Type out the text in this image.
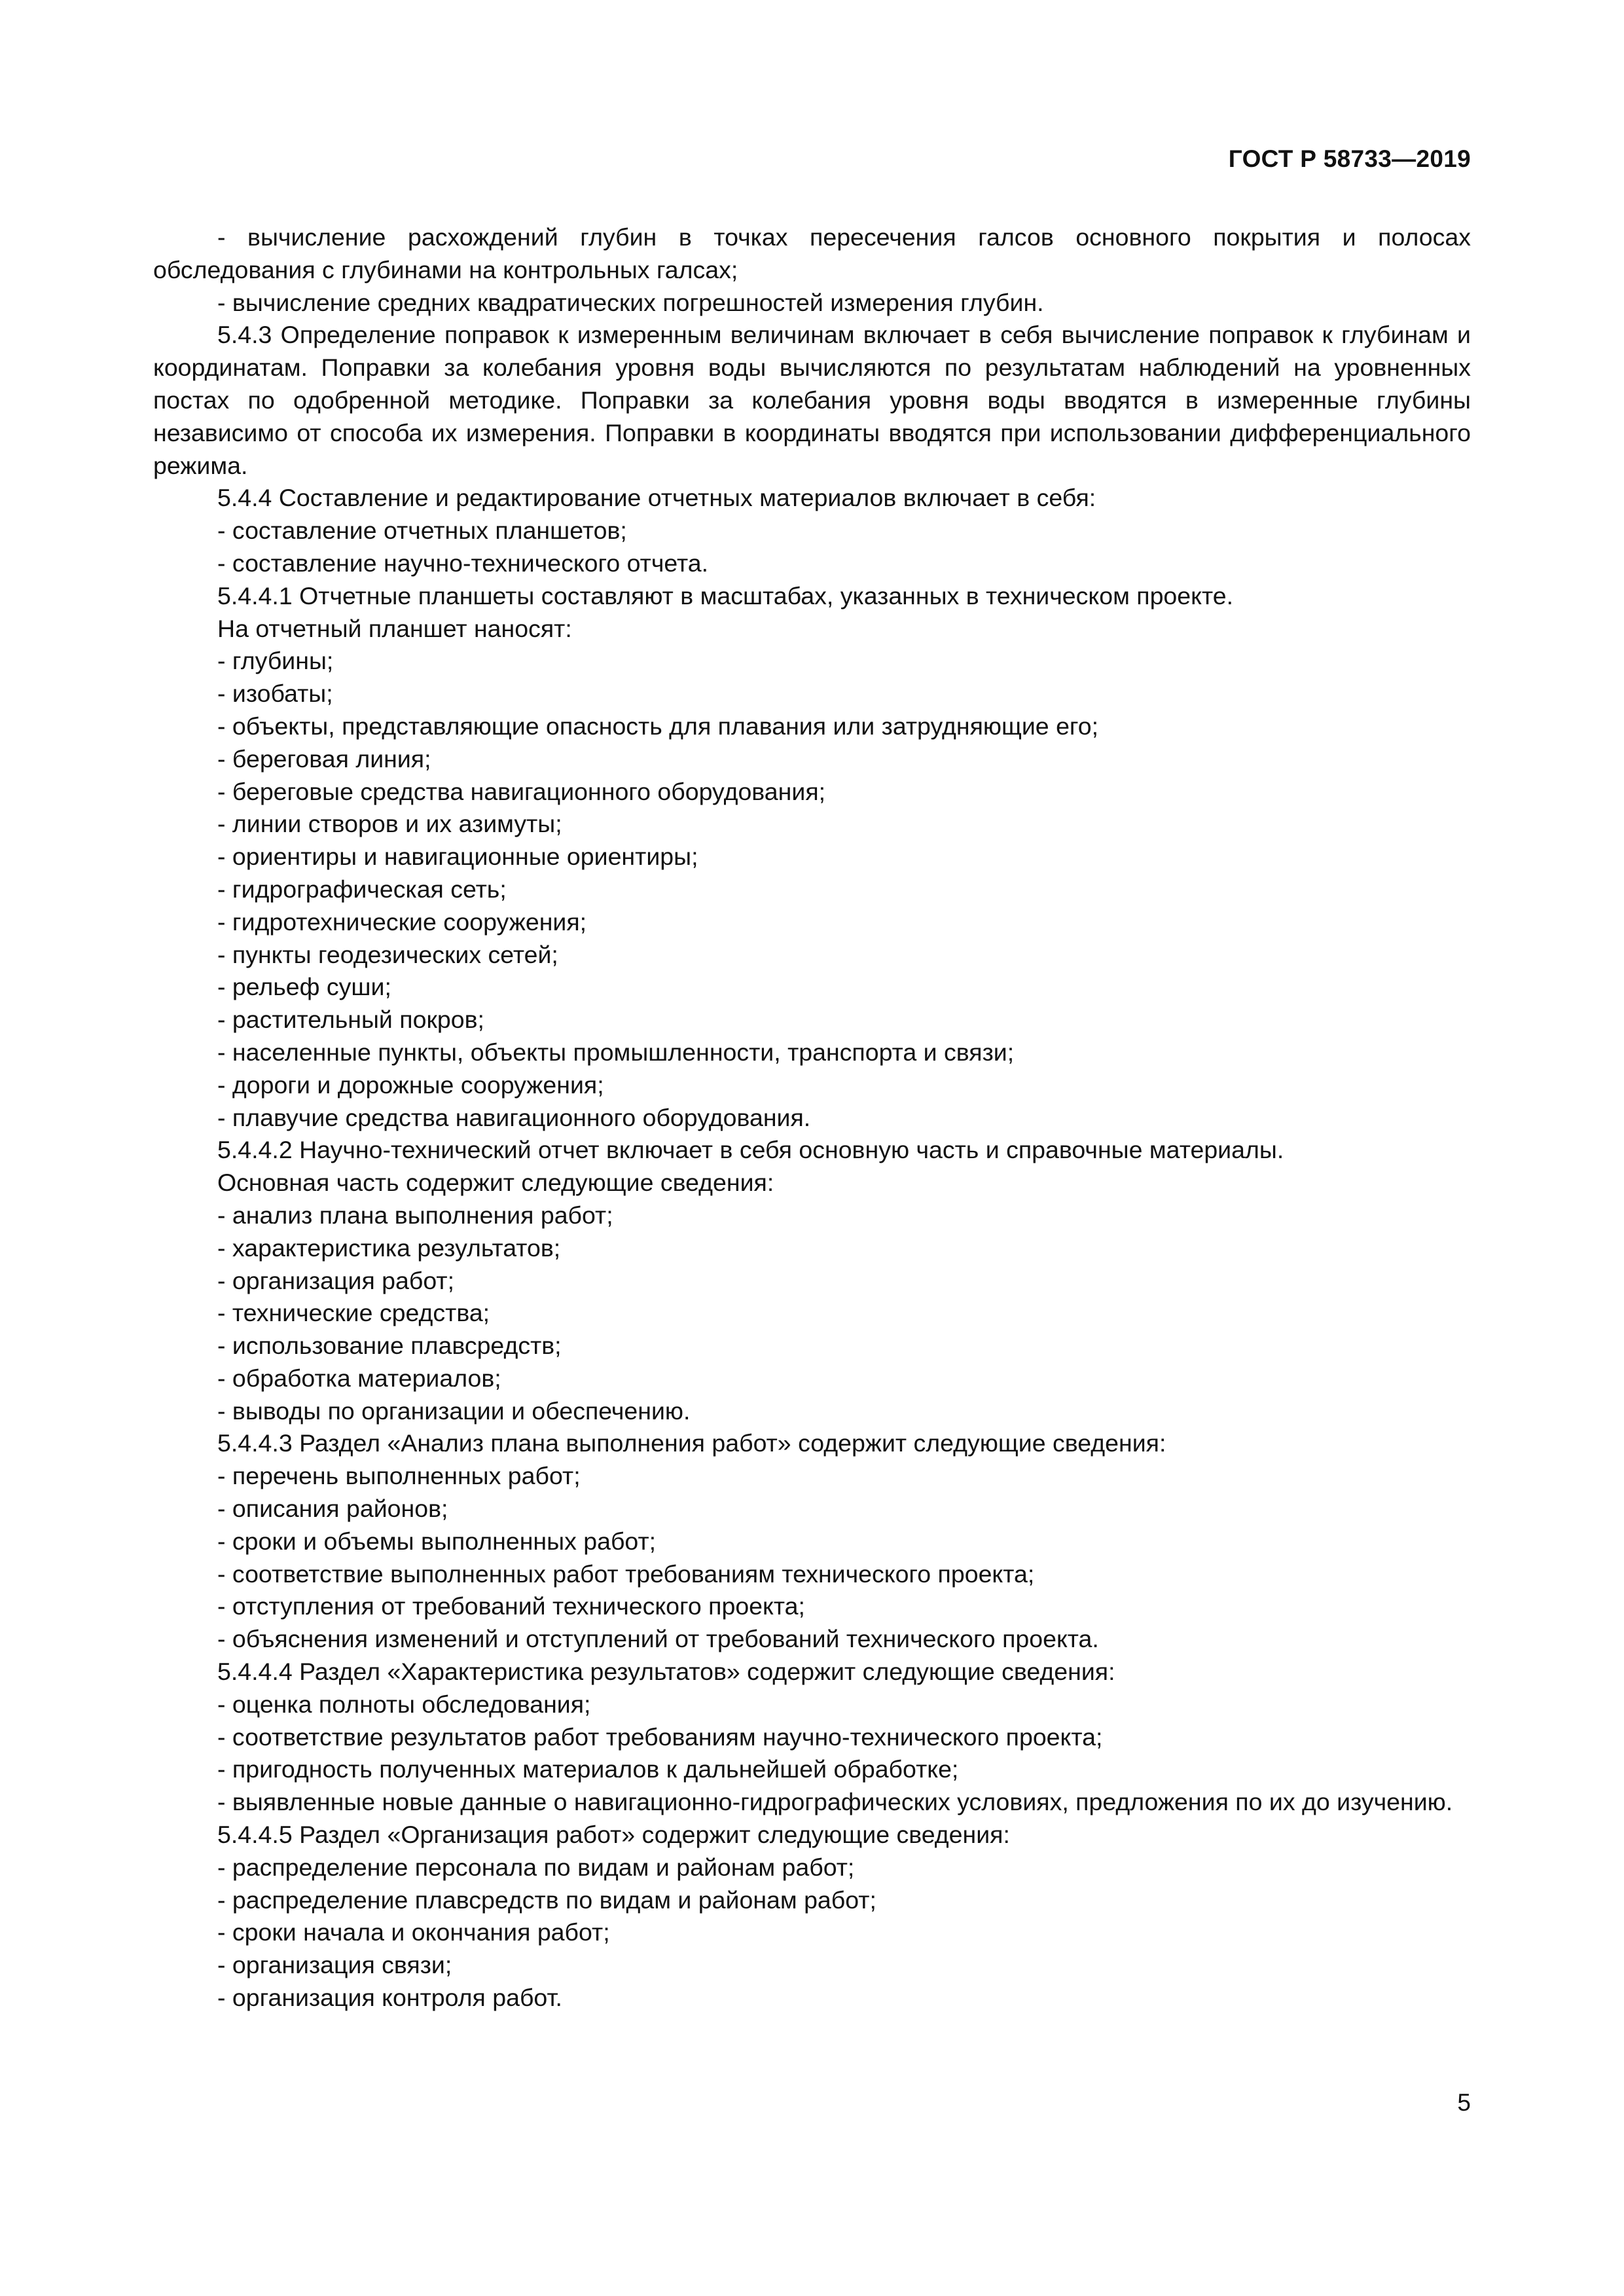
ГОСТ Р 58733—2019

- вычисление расхождений глубин в точках пересечения галсов основного покрытия и полосах обследования с глубинами на контрольных галсах;

- вычисление средних квадратических погрешностей измерения глубин.

5.4.3 Определение поправок к измеренным величинам включает в себя вычисление поправок к глубинам и координатам. Поправки за колебания уровня воды вычисляются по результатам наблюдений на уровненных постах по одобренной методике. Поправки за колебания уровня воды вводятся в измеренные глубины независимо от способа их измерения. Поправки в координаты вводятся при использовании дифференциального режима.

5.4.4 Составление и редактирование отчетных материалов включает в себя:

- составление отчетных планшетов;

- составление научно-технического отчета.

5.4.4.1 Отчетные планшеты составляют в масштабах, указанных в техническом проекте.

На отчетный планшет наносят:

- глубины;

- изобаты;

- объекты, представляющие опасность для плавания или затрудняющие его;

- береговая линия;

- береговые средства навигационного оборудования;

- линии створов и их азимуты;

- ориентиры и навигационные ориентиры;

- гидрографическая сеть;

- гидротехнические сооружения;

- пункты геодезических сетей;

- рельеф суши;

- растительный покров;

- населенные пункты, объекты промышленности, транспорта и связи;

- дороги и дорожные сооружения;

- плавучие средства навигационного оборудования.

5.4.4.2 Научно-технический отчет включает в себя основную часть и справочные материалы.

Основная часть содержит следующие сведения:

- анализ плана выполнения работ;

- характеристика результатов;

- организация работ;

- технические средства;

- использование плавсредств;

- обработка материалов;

- выводы по организации и обеспечению.

5.4.4.3 Раздел «Анализ плана выполнения работ» содержит следующие сведения:

- перечень выполненных работ;

- описания районов;

- сроки и объемы выполненных работ;

- соответствие выполненных работ требованиям технического проекта;

- отступления от требований технического проекта;

- объяснения изменений и отступлений от требований технического проекта.

5.4.4.4 Раздел «Характеристика результатов» содержит следующие сведения:

- оценка полноты обследования;

- соответствие результатов работ требованиям научно-технического проекта;

- пригодность полученных материалов к дальнейшей обработке;

- выявленные новые данные о навигационно-гидрографических условиях, предложения по их до изучению.

5.4.4.5 Раздел «Организация работ» содержит следующие сведения:

- распределение персонала по видам и районам работ;

- распределение плавсредств по видам и районам работ;

- сроки начала и окончания работ;

- организация связи;

- организация контроля работ.

5
